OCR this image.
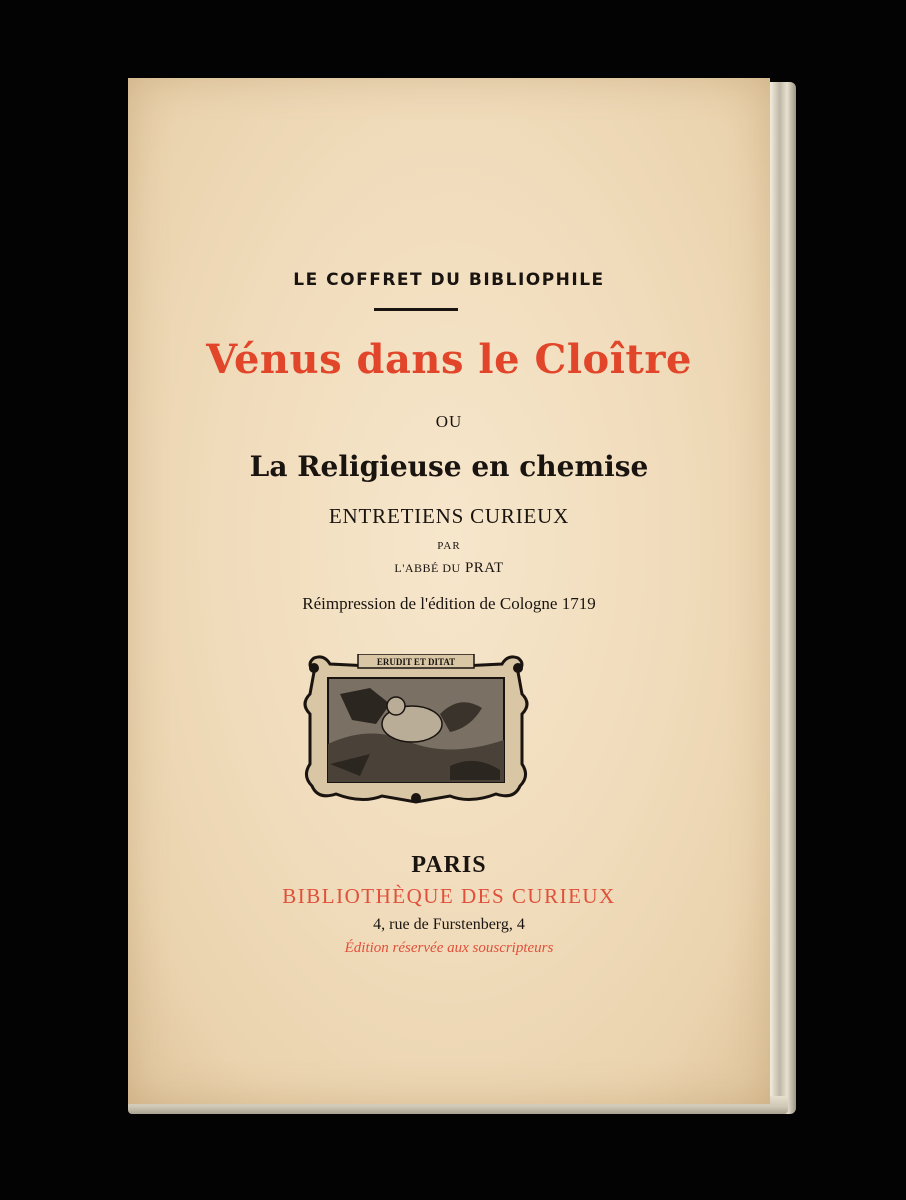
LE COFFRET DU BIBLIOPHILE
Vénus dans le Cloître
OU
La Religieuse en chemise
ENTRETIENS CURIEUX
PAR
L'ABBÉ DU PRAT
Réimpression de l'édition de Cologne 1719
ERUDIT ET DITAT
PARIS
BIBLIOTHÈQUE DES CURIEUX
4, rue de Furstenberg, 4
Édition réservée aux souscripteurs
